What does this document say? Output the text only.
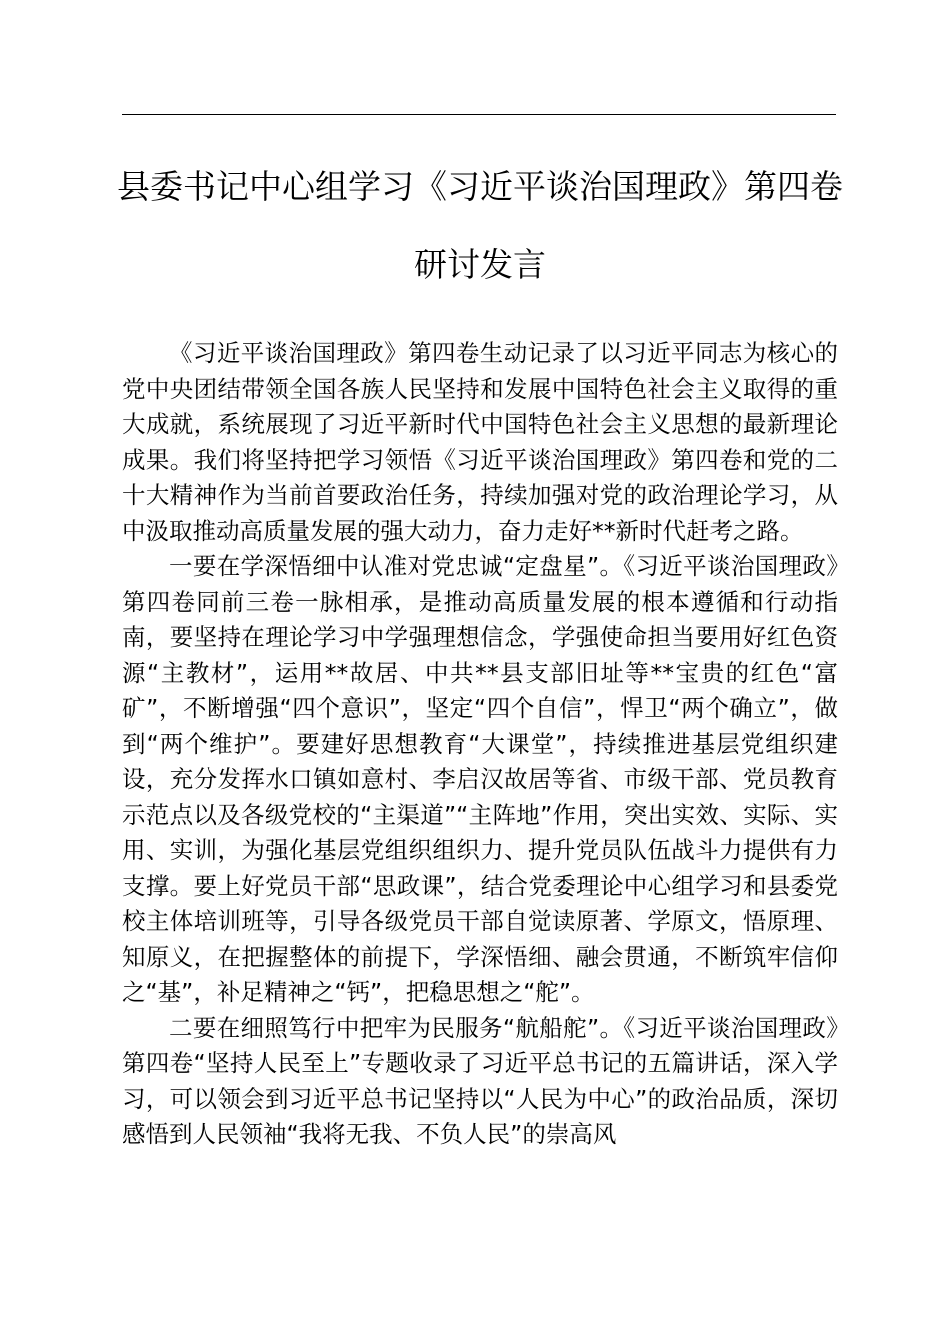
县委书记中心组学习《习近平谈治国理政》第四卷研讨发言

《习近平谈治国理政》第四卷生动记录了以习近平同志为核心的党中央团结带领全国各族人民坚持和发展中国特色社会主义取得的重大成就，系统展现了习近平新时代中国特色社会主义思想的最新理论成果。我们将坚持把学习领悟《习近平谈治国理政》第四卷和党的二十大精神作为当前首要政治任务，持续加强对党的政治理论学习，从中汲取推动高质量发展的强大动力，奋力走好**新时代赶考之路。

一要在学深悟细中认准对党忠诚“定盘星”。《习近平谈治国理政》第四卷同前三卷一脉相承，是推动高质量发展的根本遵循和行动指南，要坚持在理论学习中学强理想信念，学强使命担当要用好红色资源“主教材”，运用**故居、中共**县支部旧址等**宝贵的红色“富矿”，不断增强“四个意识”，坚定“四个自信”，悍卫“两个确立”，做到“两个维护”。要建好思想教育“大课堂”，持续推进基层党组织建设，充分发挥水口镇如意村、李启汉故居等省、市级干部、党员教育示范点以及各级党校的“主渠道”“主阵地”作用，突出实效、实际、实用、实训，为强化基层党组织组织力、提升党员队伍战斗力提供有力支撑。要上好党员干部“思政课”，结合党委理论中心组学习和县委党校主体培训班等，引导各级党员干部自觉读原著、学原文，悟原理、知原义，在把握整体的前提下，学深悟细、融会贯通，不断筑牢信仰之“基”，补足精神之“钙”，把稳思想之“舵”。

二要在细照笃行中把牢为民服务“航船舵”。《习近平谈治国理政》第四卷“坚持人民至上”专题收录了习近平总书记的五篇讲话，深入学习，可以领会到习近平总书记坚持以“人民为中心”的政治品质，深切感悟到人民领袖“我将无我、不负人民”的崇高风
